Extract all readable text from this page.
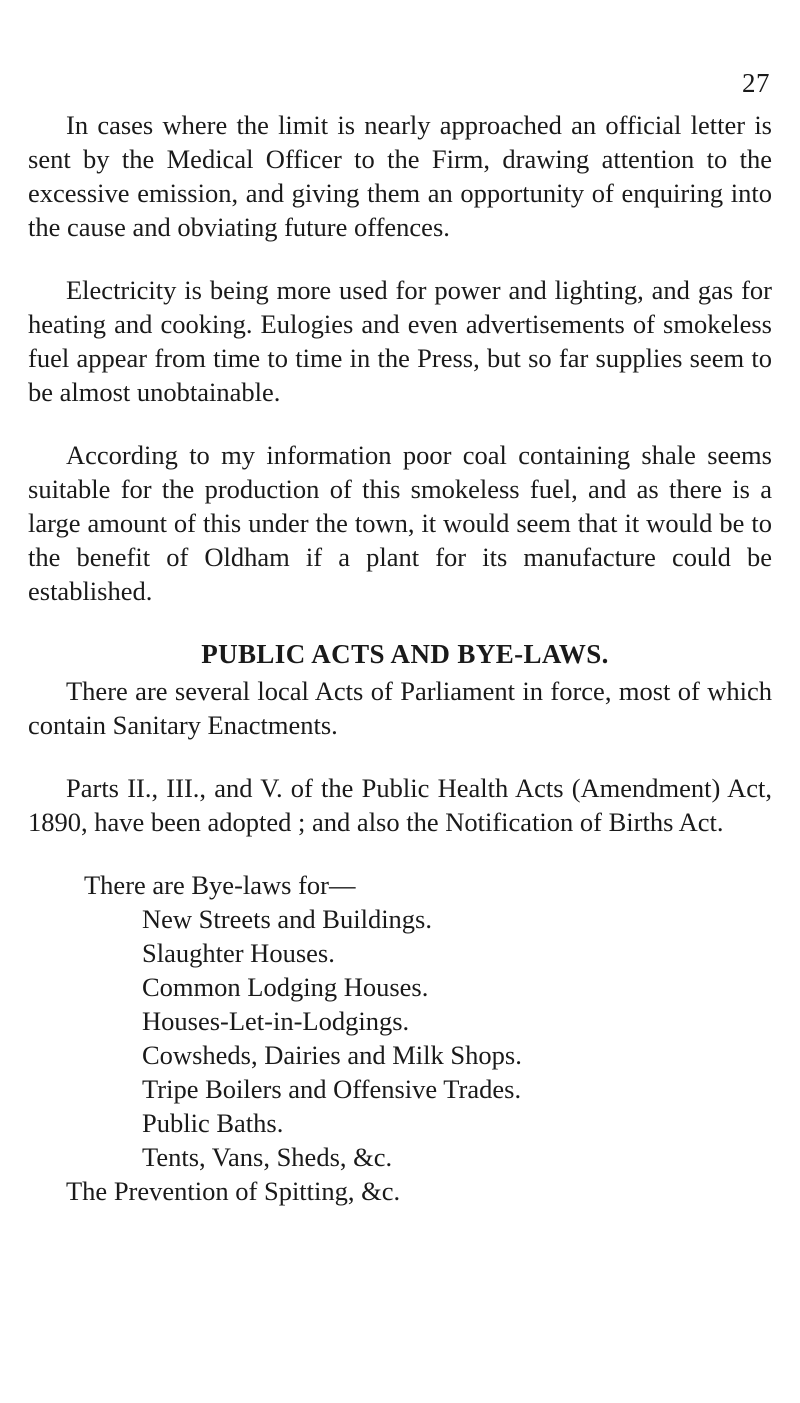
27

In cases where the limit is nearly approached an official letter is sent by the Medical Officer to the Firm, drawing attention to the excessive emission, and giving them an opportunity of enquiring into the cause and obviating future offences.

Electricity is being more used for power and lighting, and gas for heating and cooking. Eulogies and even advertisements of smokeless fuel appear from time to time in the Press, but so far supplies seem to be almost unobtainable.

According to my information poor coal containing shale seems suitable for the production of this smokeless fuel, and as there is a large amount of this under the town, it would seem that it would be to the benefit of Oldham if a plant for its manufacture could be established.

PUBLIC ACTS AND BYE-LAWS.

There are several local Acts of Parliament in force, most of which contain Sanitary Enactments.

Parts II., III., and V. of the Public Health Acts (Amendment) Act, 1890, have been adopted ; and also the Notification of Births Act.

There are Bye-laws for—

New Streets and Buildings.
Slaughter Houses.
Common Lodging Houses.
Houses-Let-in-Lodgings.
Cowsheds, Dairies and Milk Shops.
Tripe Boilers and Offensive Trades.
Public Baths.
Tents, Vans, Sheds, &c.

The Prevention of Spitting, &c.
